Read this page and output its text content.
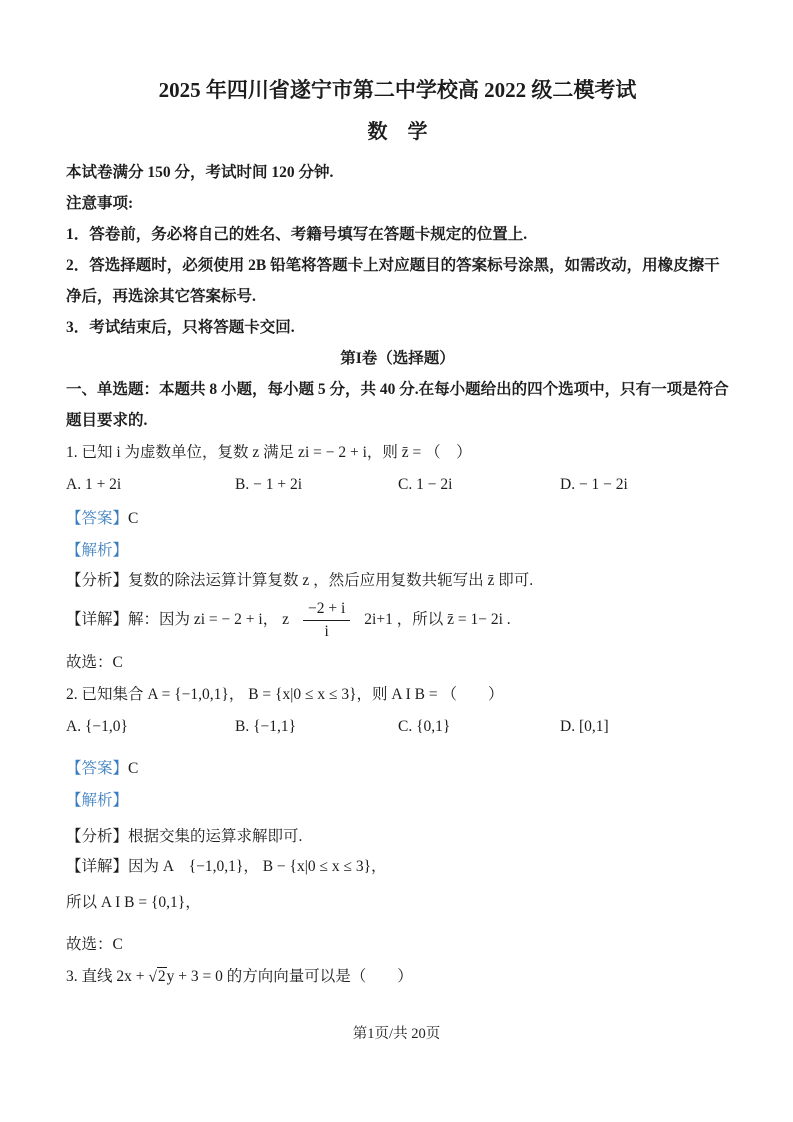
2025 年四川省遂宁市第二中学校高 2022 级二模考试
数　学
本试卷满分 150 分，考试时间 120 分钟.
注意事项:
1．答卷前，务必将自己的姓名、考籍号填写在答题卡规定的位置上.
2．答选择题时，必须使用 2B 铅笔将答题卡上对应题目的答案标号涂黑，如需改动，用橡皮擦干净后，再选涂其它答案标号.
3．考试结束后，只将答题卡交回.
第I卷（选择题）
一、单选题：本题共 8 小题，每小题 5 分，共 40 分.在每小题给出的四个选项中，只有一项是符合题目要求的.
1. 已知 i 为虚数单位，复数 z 满足 zi = − 2 + i，则 z̄ = （　）
A. 1 + 2i	B. − 1 + 2i	C. 1 − 2i	D. − 1 − 2i
【答案】C
【解析】
【分析】复数的除法运算计算复数 z ，然后应用复数共轭写出 z̄ 即可.
【详解】解：因为 zi = − 2 + i， z $\frac{-2 + i}{i} 2i+1$ ，所以 z̄ = 1− 2i .
故选：C
2. 已知集合 A = {−1,0,1}， B = {x|0 ≤ x ≤ 3}，则 A I B = （　　）
A. {−1,0}	B. {−1,1}	C. {0,1}	D. [0,1]
【答案】C
【解析】
【分析】根据交集的运算求解即可.
【详解】因为 A　{−1,0,1}， B − {x|0 ≤ x ≤ 3}，
所以 A I B = {0,1}，
故选：C
3. 直线 2x + √2y + 3 = 0 的方向向量可以是（　　）
第1页/共 20页
